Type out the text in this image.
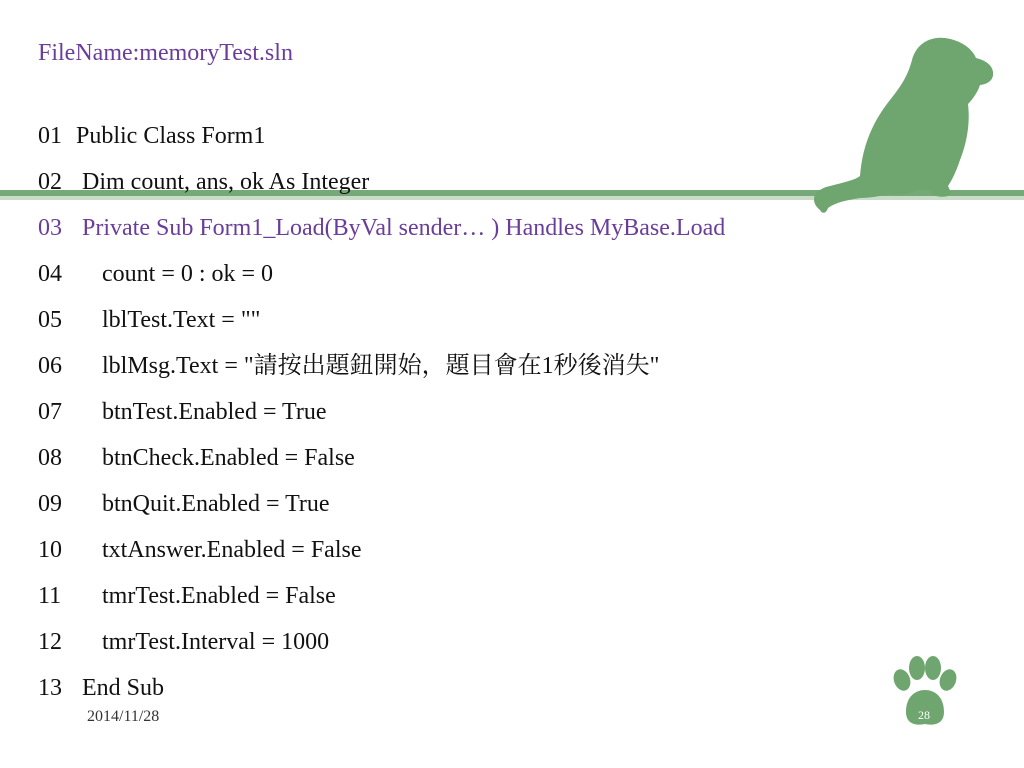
FileName:memoryTest.sln
01 Public Class Form1
02 Dim count, ans, ok As Integer
03 Private Sub Form1_Load(ByVal sender… ) Handles MyBase.Load
04	count = 0 : ok = 0
05	lblTest.Text = ""
06	lblMsg.Text = "請按出題鈕開始，題目會在1秒後消失"
07	btnTest.Enabled = True
08	btnCheck.Enabled = False
09	btnQuit.Enabled = True
10	txtAnswer.Enabled = False
11	tmrTest.Enabled = False
12	tmrTest.Interval = 1000
13 End Sub
2014/11/28	28
